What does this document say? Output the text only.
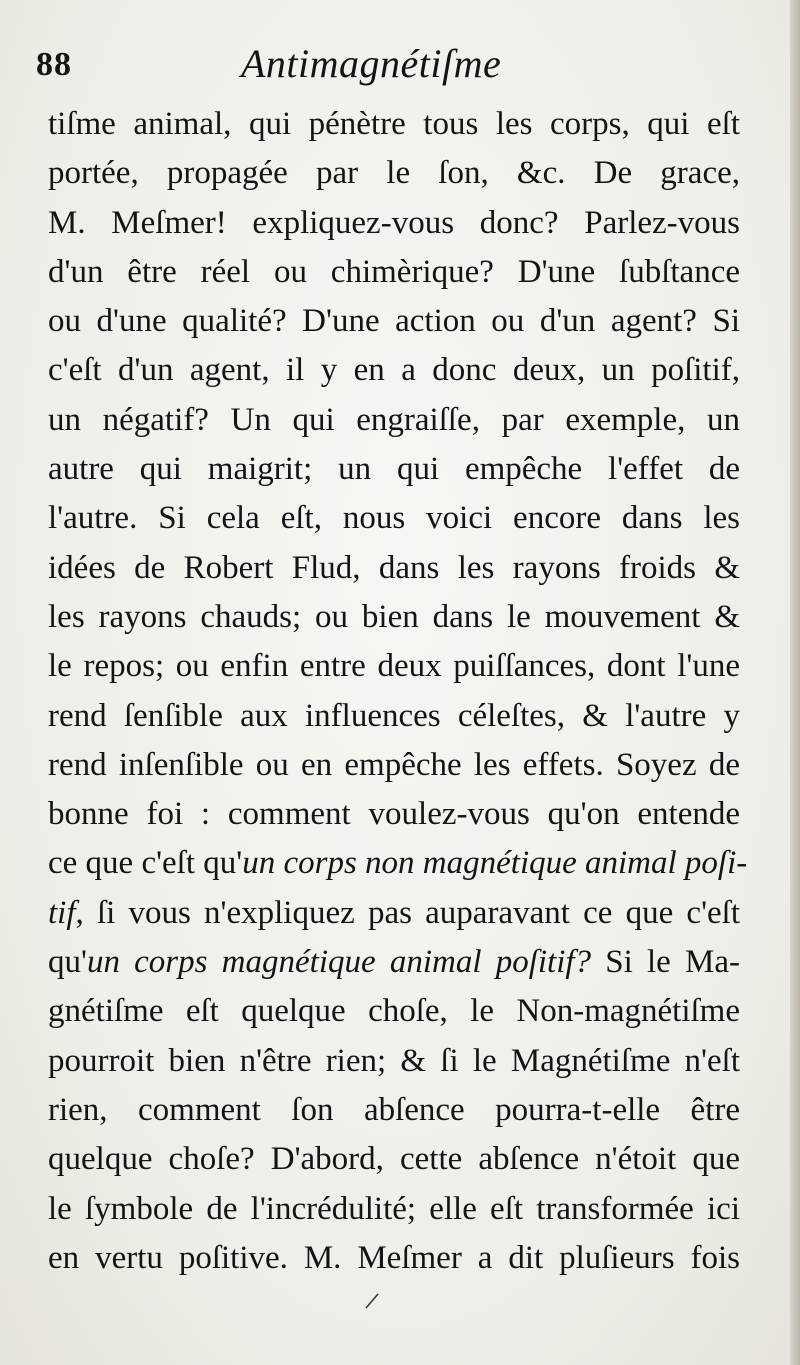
88	Antimagnétiſme
tiſme animal, qui pénètre tous les corps, qui eſt
portée, propagée par le ſon, &c. De grace,
M. Meſmer! expliquez-vous donc? Parlez-vous
d'un être réel ou chimèrique? D'une ſubſtance
ou d'une qualité? D'une action ou d'un agent? Si
c'eſt d'un agent, il y en a donc deux, un poſitif,
un négatif? Un qui engraiſſe, par exemple, un
autre qui maigrit; un qui empêche l'effet de
l'autre. Si cela eſt, nous voici encore dans les
idées de Robert Flud, dans les rayons froids &
les rayons chauds; ou bien dans le mouvement &
le repos; ou enfin entre deux puiſſances, dont l'une
rend ſenſible aux influences céleſtes, & l'autre y
rend inſenſible ou en empêche les effets. Soyez de
bonne foi : comment voulez-vous qu'on entende
ce que c'eſt qu'un corps non magnétique animal poſi-
tif, ſi vous n'expliquez pas auparavant ce que c'eſt
qu'un corps magnétique animal poſitif? Si le Ma-
gnétiſme eſt quelque choſe, le Non-magnétiſme
pourroit bien n'être rien; & ſi le Magnétiſme n'eſt
rien, comment ſon abſence pourra-t-elle être
quelque choſe? D'abord, cette abſence n'étoit que
le ſymbole de l'incrédulité; elle eſt transformée ici
en vertu poſitive. M. Meſmer a dit pluſieurs fois
